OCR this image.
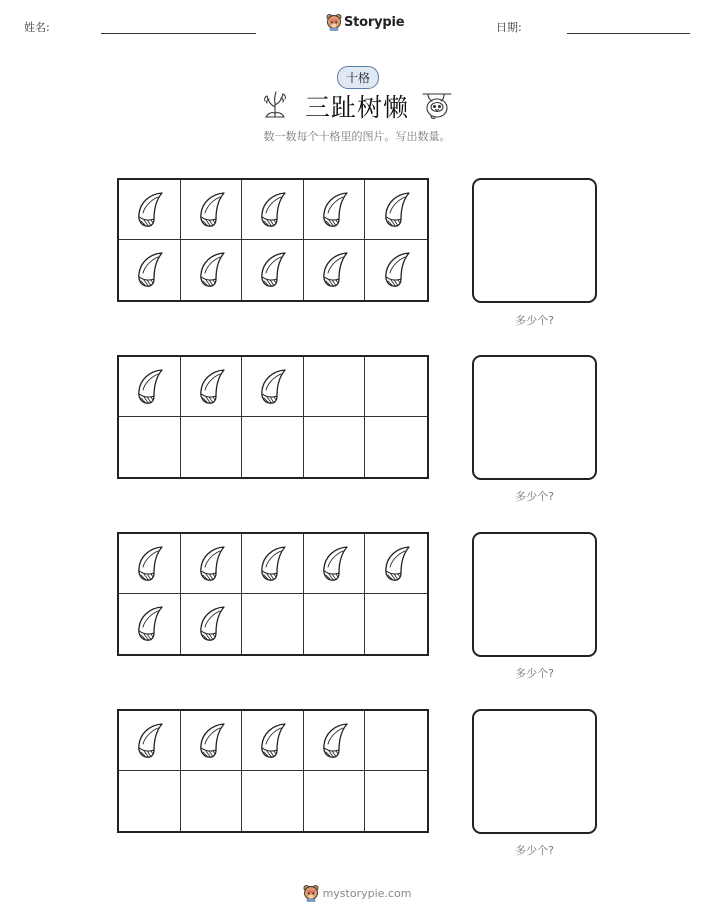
姓名:	Storypie	日期:
十格
三趾树懒
数一数每个十格里的图片。写出数量。
多少个?
多少个?
多少个?
多少个?
mystorypie.com
